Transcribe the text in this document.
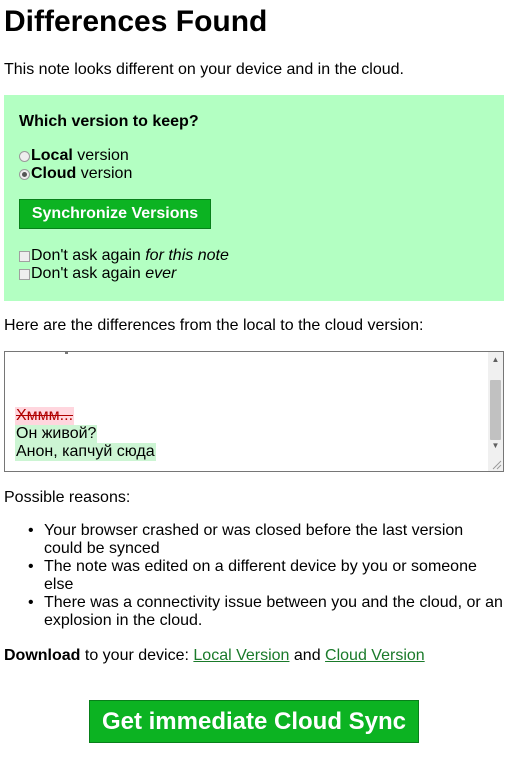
Differences Found
This note looks different on your device and in the cloud.
Which version to keep?
Local version
Cloud version
Synchronize Versions
Don't ask again for this note
Don't ask again ever
Here are the differences from the local to the cloud version:
Хммм...
Он живой?
Анон, капчуй сюда
▲
▼
Possible reasons:
• Your browser crashed or was closed before the last version could be synced
• The note was edited on a different device by you or someone else
• There was a connectivity issue between you and the cloud, or an explosion in the cloud.
Download to your device: Local Version and Cloud Version
Get immediate Cloud Sync
